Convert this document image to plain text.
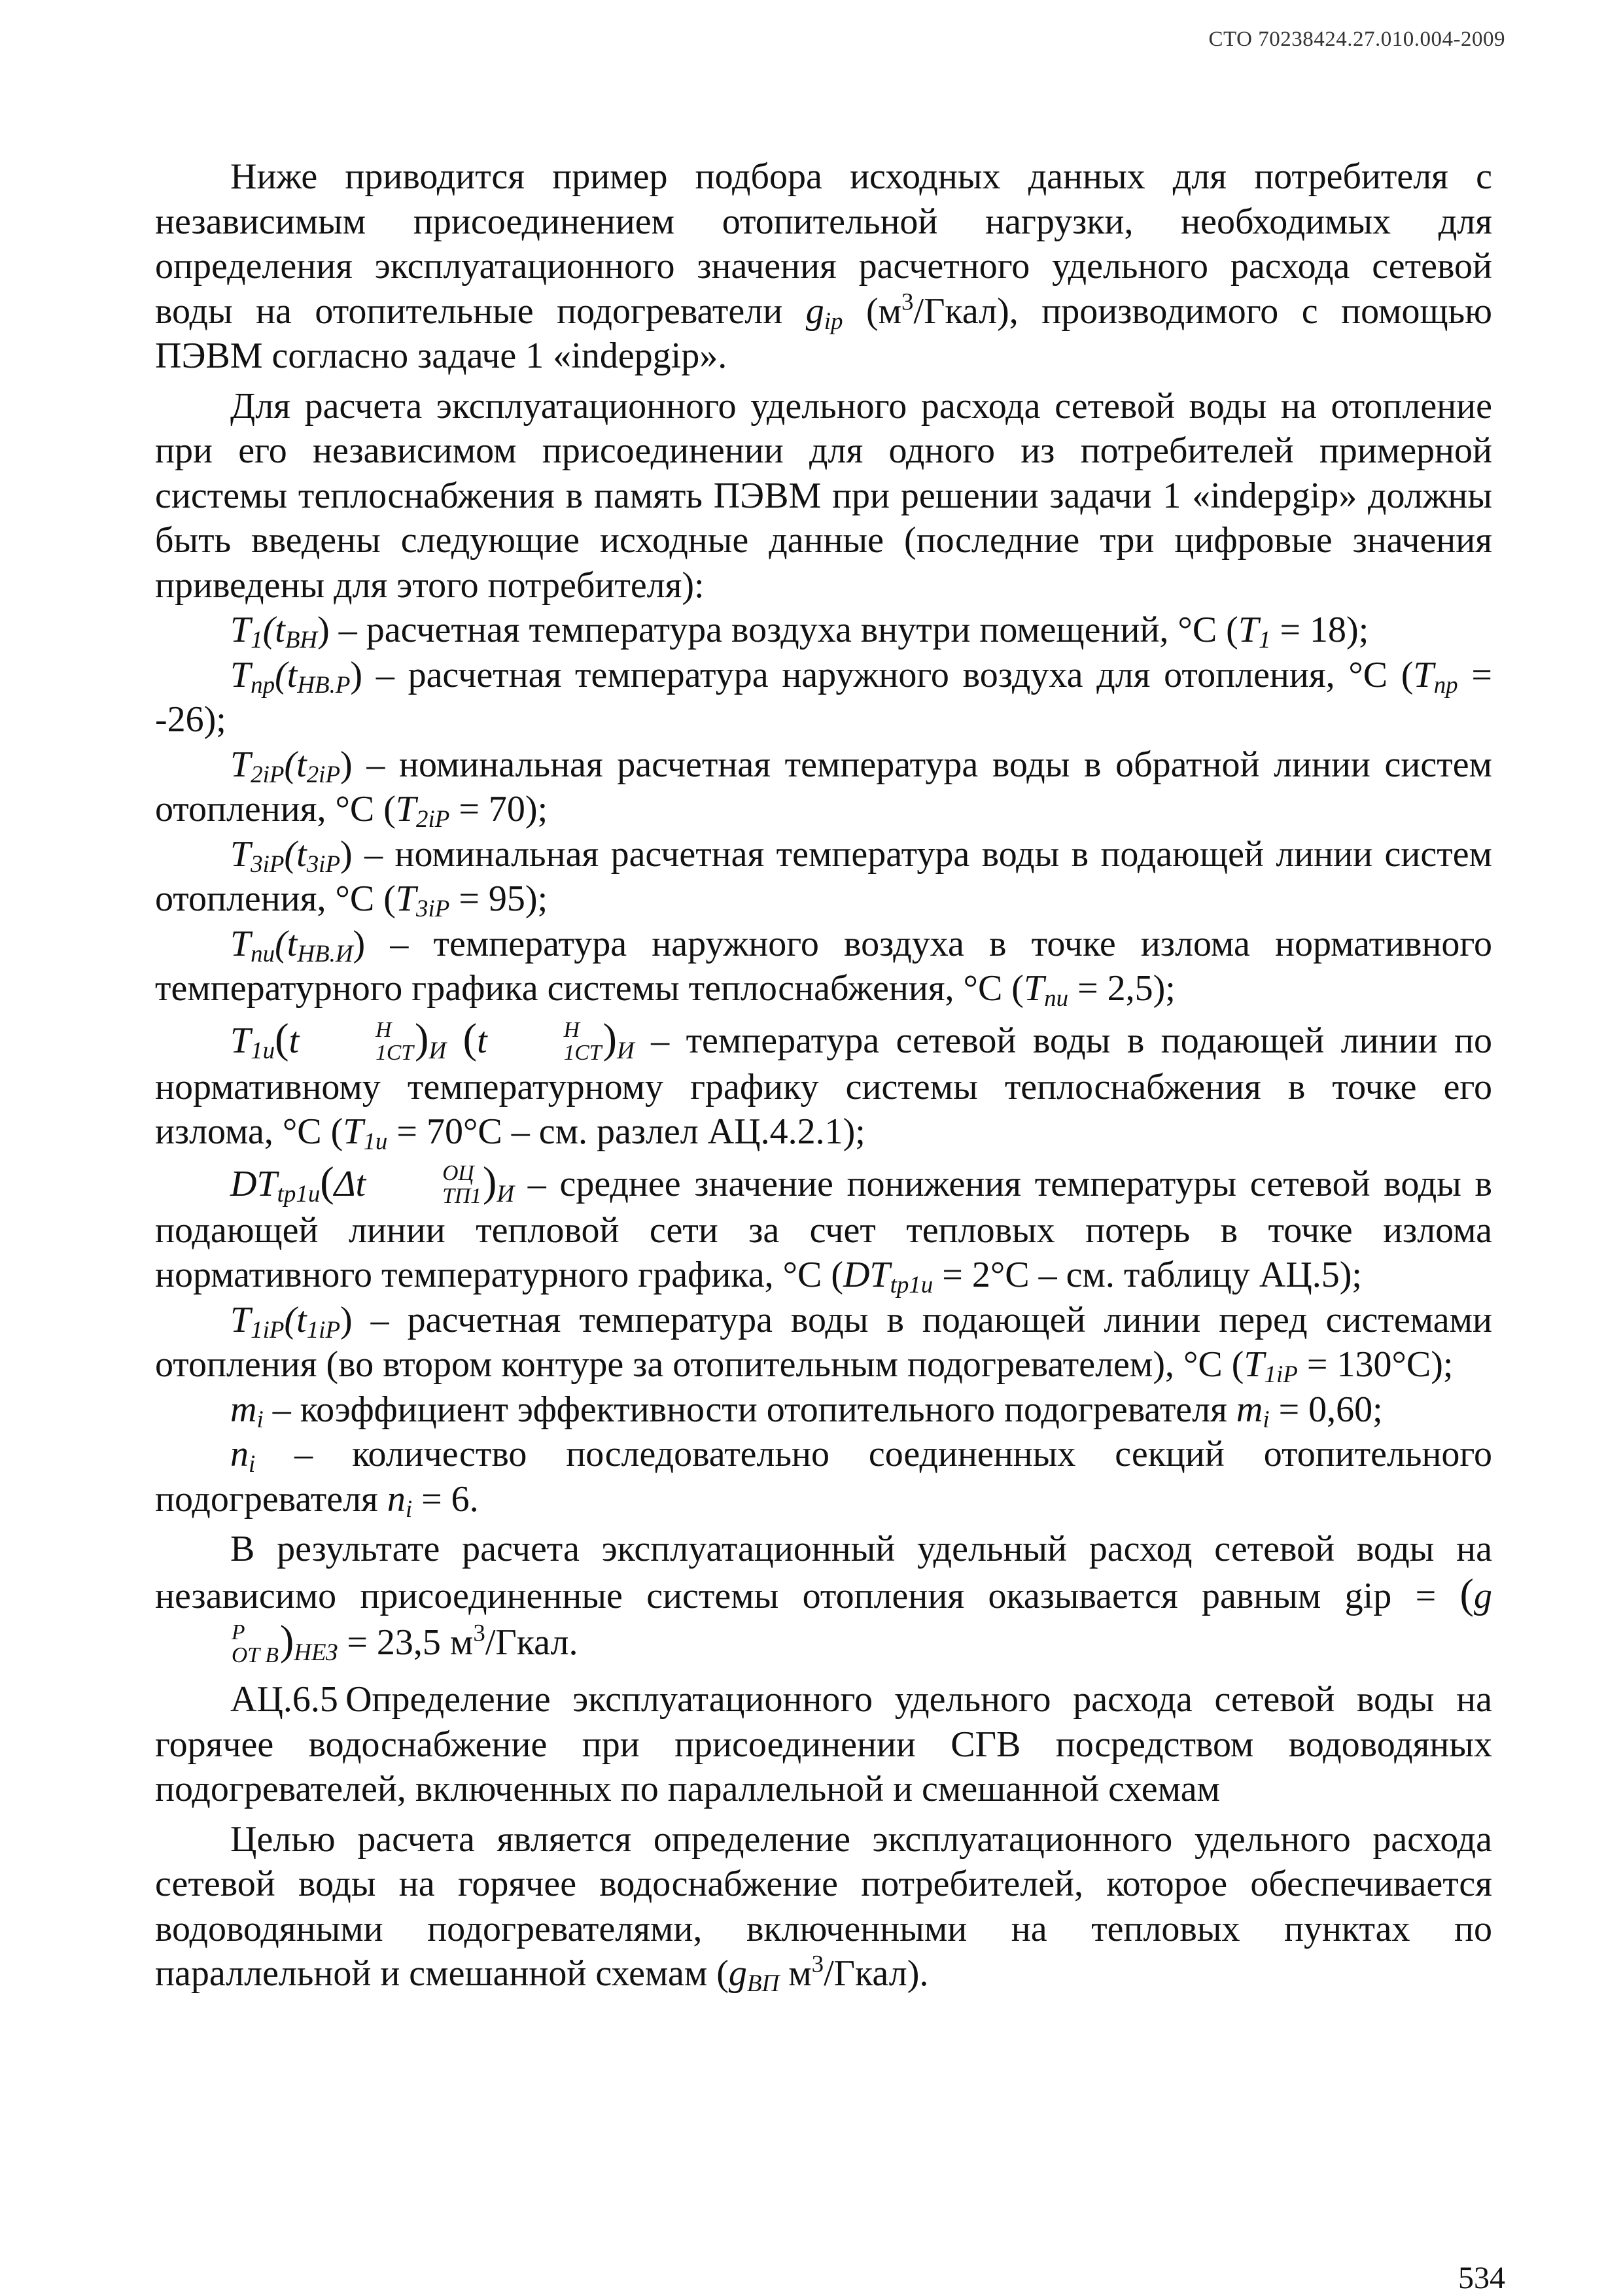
СТО 70238424.27.010.004-2009

Ниже приводится пример подбора исходных данных для потребителя с независимым присоединением отопительной нагрузки, необходимых для определения эксплуатационного значения расчетного удельного расхода сетевой воды на отопительные подогреватели $g_{ip}$ $(м^3/Гкал)$, производимого с помощью ПЭВМ согласно задаче 1 «indepgip».

Для расчета эксплуатационного удельного расхода сетевой воды на отопление при его независимом присоединении для одного из потребителей примерной системы теплоснабжения в память ПЭВМ при решении задачи 1 «indepgip» должны быть введены следующие исходные данные (последние три цифровые значения приведены для этого потребителя):

$T_1(t_{ВН})$ – расчетная температура воздуха внутри помещений, °С $(T_1 = 18)$;

$T_{пр}(t_{НВ.Р})$ – расчетная температура наружного воздуха для отопления, °С $(T_{пр} = -26)$;

$T_{2iP}(t_{2iP})$ – номинальная расчетная температура воды в обратной линии систем отопления, °С $(T_{2iP} = 70)$;

$T_{3iP}(t_{3iP})$ – номинальная расчетная температура воды в подающей линии систем отопления, °С $(T_{3iP} = 95)$;

$T_{пи}(t_{НВ.И})$ – температура наружного воздуха в точке излома нормативного температурного графика системы теплоснабжения, °С $(T_{пи} = 2,5)$;

$T_{1и}(t$	Н
1СТ )$_И$ (t	Н
1СТ )$_И$ – температура сетевой воды в подающей линии по нормативному температурному графику системы теплоснабжения в точке его излома, °С ($T_{1и} = 70^\circ С$ – см. разлел АЦ.4.2.1);

$DT_{tp1и}(\Delta t$	ОЦ
ТП1 )$_И$ – среднее значение понижения температуры сетевой воды в подающей линии тепловой сети за счет тепловых потерь в точке излома нормативного температурного графика, °С ($DT_{tp1и} = 2^\circ С$ – см. таблицу АЦ.5);

$T_{1iP}(t_{1iP})$ – расчетная температура воды в подающей линии перед системами отопления (во втором контуре за отопительным подогревателем), °С $(T_{1iP} = 130^\circ С)$;

$m_i$ – коэффициент эффективности отопительного подогревателя $m_i = 0,60$;

$n_i$ – количество последовательно соединенных секций отопительного подогревателя $n_i = 6$.

В результате расчета эксплуатационный удельный расход сетевой воды на независимо присоединенные системы отопления оказывается равным gip = (g
Р
ОТ В )$_{НЕЗ} = 23,5$ $м^3$/Гкал.

АЦ.6.5  Определение эксплуатационного удельного расхода сетевой воды на горячее водоснабжение при присоединении СГВ посредством водоводяных подогревателей, включенных по параллельной и смешанной схемам

Целью расчета является определение эксплуатационного удельного расхода сетевой воды на горячее водоснабжение потребителей, которое обеспечивается водоводяными подогревателями, включенными на тепловых пунктах по параллельной и смешанной схемам ($g_{ВП}$ $м^3/Гкал$).

534
